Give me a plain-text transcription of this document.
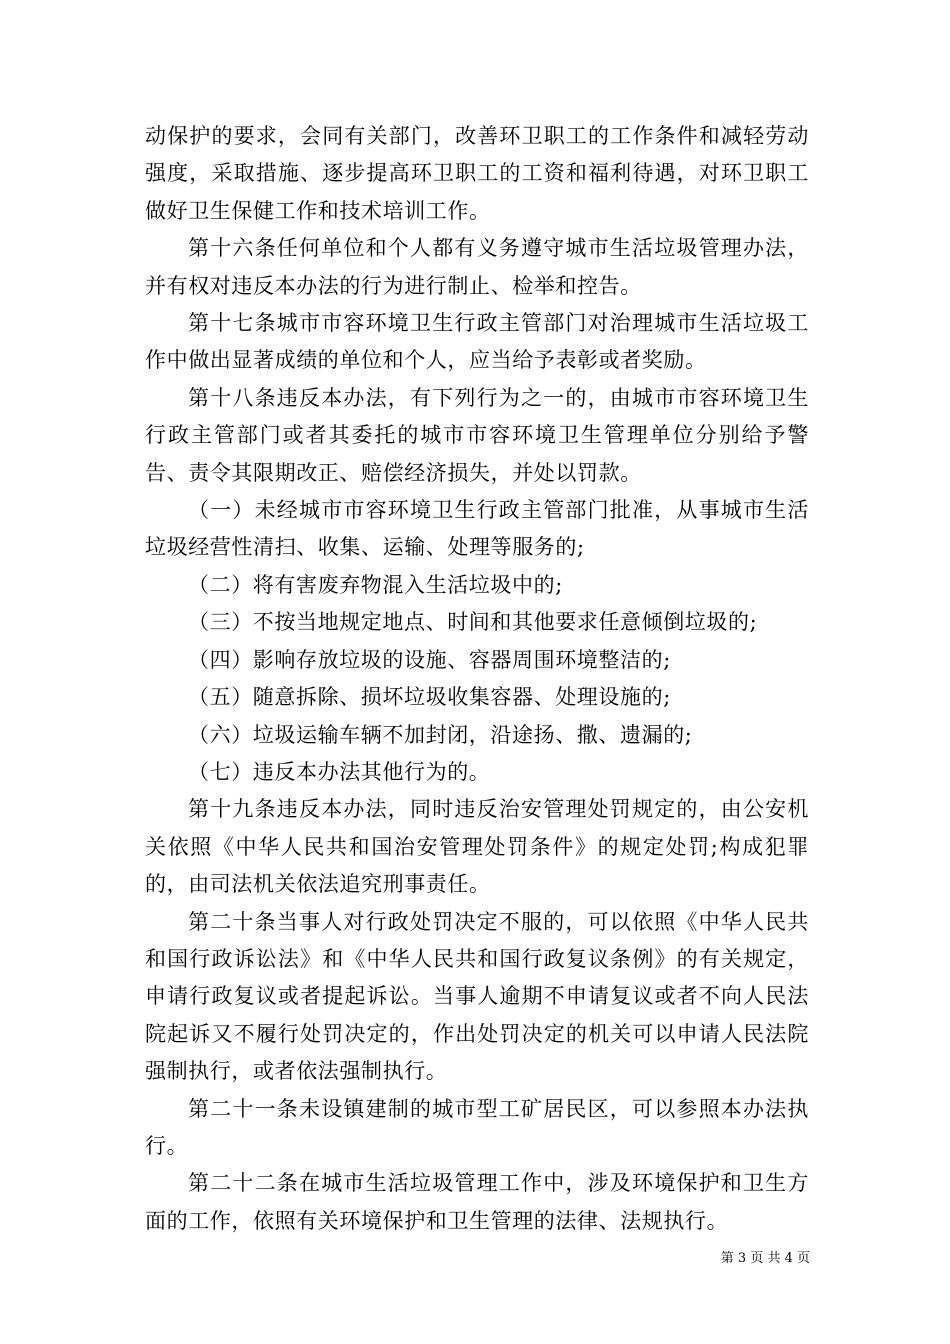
动保护的要求，会同有关部门，改善环卫职工的工作条件和减轻劳动强度，采取措施、逐步提高环卫职工的工资和福利待遇，对环卫职工做好卫生保健工作和技术培训工作。

第十六条任何单位和个人都有义务遵守城市生活垃圾管理办法，并有权对违反本办法的行为进行制止、检举和控告。

第十七条城市市容环境卫生行政主管部门对治理城市生活垃圾工作中做出显著成绩的单位和个人，应当给予表彰或者奖励。

第十八条违反本办法，有下列行为之一的，由城市市容环境卫生行政主管部门或者其委托的城市市容环境卫生管理单位分别给予警告、责令其限期改正、赔偿经济损失，并处以罚款。

（一）未经城市市容环境卫生行政主管部门批准，从事城市生活垃圾经营性清扫、收集、运输、处理等服务的;

（二）将有害废弃物混入生活垃圾中的;

（三）不按当地规定地点、时间和其他要求任意倾倒垃圾的;

（四）影响存放垃圾的设施、容器周围环境整洁的;

（五）随意拆除、损坏垃圾收集容器、处理设施的;

（六）垃圾运输车辆不加封闭，沿途扬、撒、遗漏的;

（七）违反本办法其他行为的。

第十九条违反本办法，同时违反治安管理处罚规定的，由公安机关依照《中华人民共和国治安管理处罚条件》的规定处罚;构成犯罪的，由司法机关依法追究刑事责任。

第二十条当事人对行政处罚决定不服的，可以依照《中华人民共和国行政诉讼法》和《中华人民共和国行政复议条例》的有关规定，申请行政复议或者提起诉讼。当事人逾期不申请复议或者不向人民法院起诉又不履行处罚决定的，作出处罚决定的机关可以申请人民法院强制执行，或者依法强制执行。

第二十一条未设镇建制的城市型工矿居民区，可以参照本办法执行。

第二十二条在城市生活垃圾管理工作中，涉及环境保护和卫生方面的工作，依照有关环境保护和卫生管理的法律、法规执行。

第 3 页 共 4 页
